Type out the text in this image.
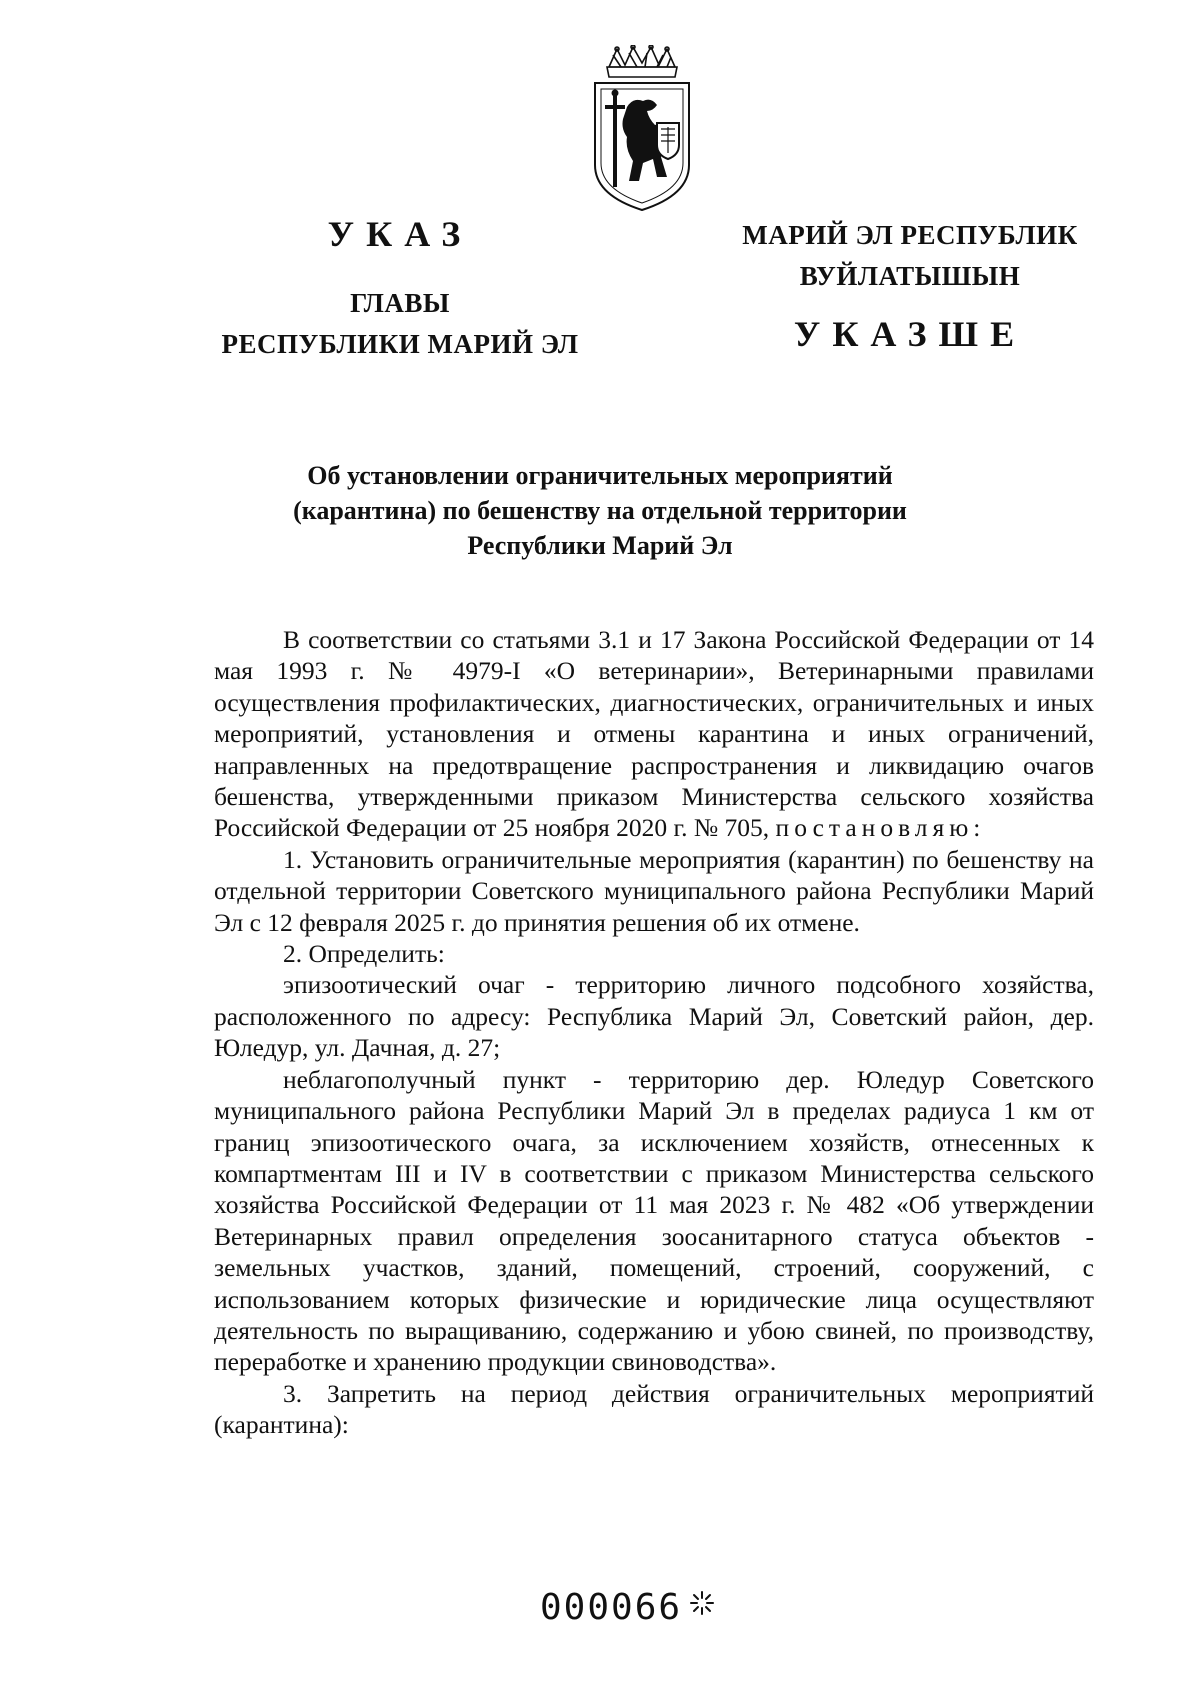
УКАЗ
ГЛАВЫ
РЕСПУБЛИКИ МАРИЙ ЭЛ
МАРИЙ ЭЛ РЕСПУБЛИК
ВУЙЛАТЫШЫН
УКАЗШЕ
Об установлении ограничительных мероприятий
(карантина) по бешенству на отдельной территории
Республики Марий Эл

В соответствии со статьями 3.1 и 17 Закона Российской Федерации от 14 мая 1993 г. № 4979-I «О ветеринарии», Ветеринарными правилами осуществления профилактических, диагностических, ограничительных и иных мероприятий, установления и отмены карантина и иных ограничений, направленных на предотвращение распространения и ликвидацию очагов бешенства, утвержденными приказом Министерства сельского хозяйства Российской Федерации от 25 ноября 2020 г. № 705, постановляю:

1. Установить ограничительные мероприятия (карантин) по бешенству на отдельной территории Советского муниципального района Республики Марий Эл с 12 февраля 2025 г. до принятия решения об их отмене.

2. Определить:

эпизоотический очаг - территорию личного подсобного хозяйства, расположенного по адресу: Республика Марий Эл, Советский район, дер. Юледур, ул. Дачная, д. 27;

неблагополучный пункт - территорию дер. Юледур Советского муниципального района Республики Марий Эл в пределах радиуса 1 км от границ эпизоотического очага, за исключением хозяйств, отнесенных к компартментам III и IV в соответствии с приказом Министерства сельского хозяйства Российской Федерации от 11 мая 2023 г. № 482 «Об утверждении Ветеринарных правил определения зоосанитарного статуса объектов - земельных участков, зданий, помещений, строений, сооружений, с использованием которых физические и юридические лица осуществляют деятельность по выращиванию, содержанию и убою свиней, по производству, переработке и хранению продукции свиноводства».

3. Запретить на период действия ограничительных мероприятий (карантина):

000066
